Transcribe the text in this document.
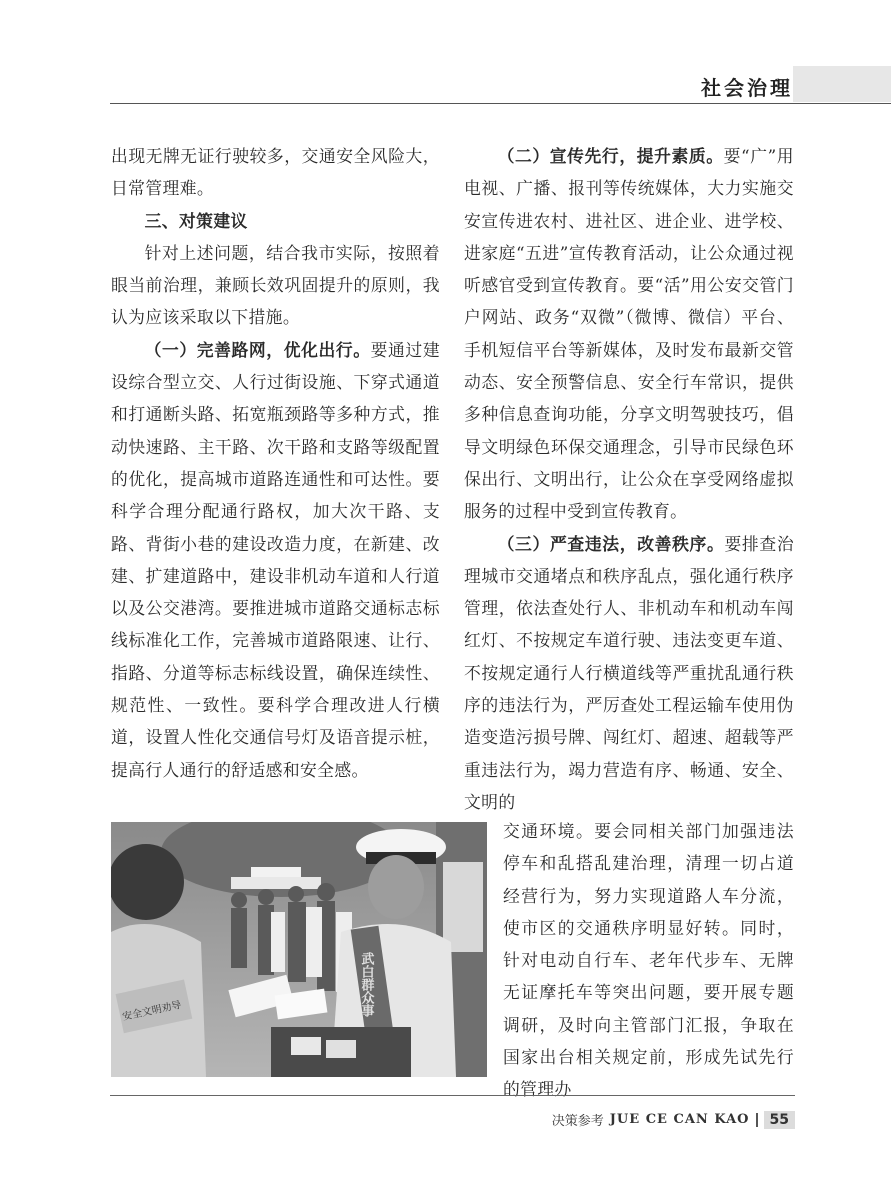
社会治理

出现无牌无证行驶较多，交通安全风险大，日常管理难。

三、对策建议

针对上述问题，结合我市实际，按照着眼当前治理，兼顾长效巩固提升的原则，我认为应该采取以下措施。

（一）完善路网，优化出行。要通过建设综合型立交、人行过街设施、下穿式通道和打通断头路、拓宽瓶颈路等多种方式，推动快速路、主干路、次干路和支路等级配置的优化，提高城市道路连通性和可达性。要科学合理分配通行路权，加大次干路、支路、背街小巷的建设改造力度，在新建、改建、扩建道路中，建设非机动车道和人行道以及公交港湾。要推进城市道路交通标志标线标准化工作，完善城市道路限速、让行、指路、分道等标志标线设置，确保连续性、规范性、一致性。要科学合理改进人行横道，设置人性化交通信号灯及语音提示桩，提高行人通行的舒适感和安全感。

（二）宣传先行，提升素质。要“广”用电视、广播、报刊等传统媒体，大力实施交安宣传进农村、进社区、进企业、进学校、进家庭“五进”宣传教育活动，让公众通过视听感官受到宣传教育。要“活”用公安交管门户网站、政务“双微”（微博、微信）平台、手机短信平台等新媒体，及时发布最新交管动态、安全预警信息、安全行车常识，提供多种信息查询功能，分享文明驾驶技巧，倡导文明绿色环保交通理念，引导市民绿色环保出行、文明出行，让公众在享受网络虚拟服务的过程中受到宣传教育。

（三）严查违法，改善秩序。要排查治理城市交通堵点和秩序乱点，强化通行秩序管理，依法查处行人、非机动车和机动车闯红灯、不按规定车道行驶、违法变更车道、不按规定通行人行横道线等严重扰乱通行秩序的违法行为，严厉查处工程运输车使用伪造变造污损号牌、闯红灯、超速、超载等严重违法行为，竭力营造有序、畅通、安全、文明的

交通环境。要会同相关部门加强违法停车和乱搭乱建治理，清理一切占道经营行为，努力实现道路人车分流，使市区的交通秩序明显好转。同时，针对电动自行车、老年代步车、无牌无证摩托车等突出问题，要开展专题调研，及时向主管部门汇报，争取在国家出台相关规定前，形成先试先行的管理办

安全文明劝导	武白群众事
决策参考 JUE CE CAN KAO	55
